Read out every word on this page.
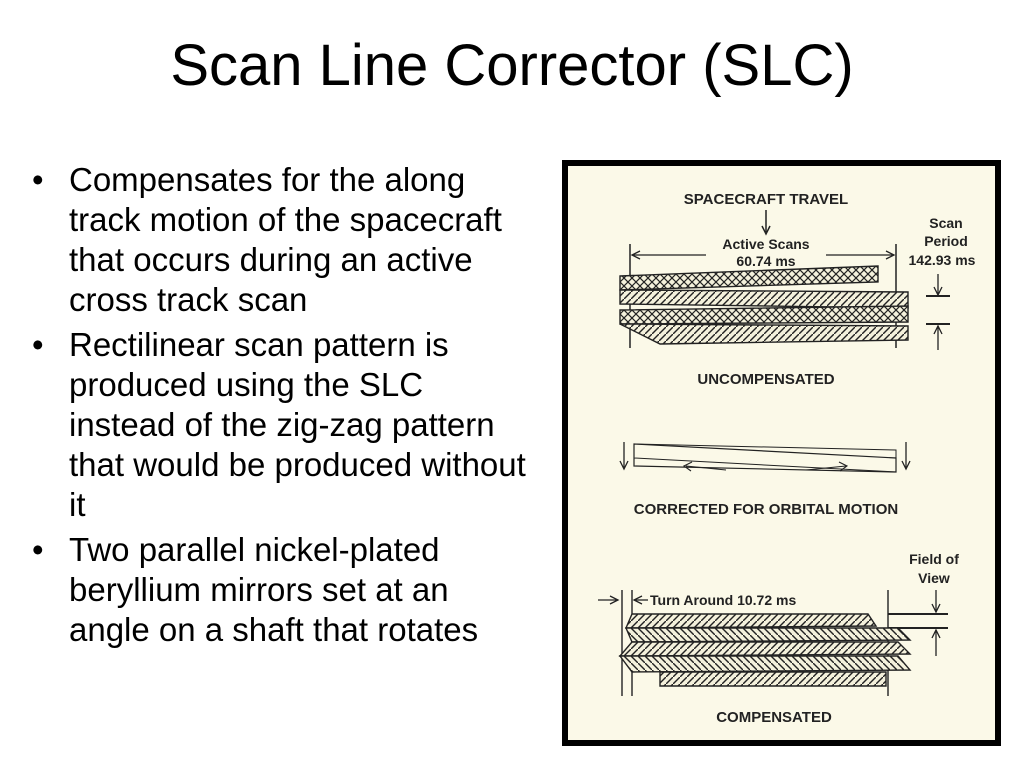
Scan Line Corrector (SLC)
• Compensates for the along track motion of the spacecraft that occurs during an active cross track scan
• Rectilinear scan pattern is produced using the SLC instead of the zig-zag pattern that would be produced without it
• Two parallel nickel-plated beryllium mirrors set at an angle on a shaft that rotates
SPACECRAFT TRAVEL
Active Scans
60.74 ms
Scan
Period
142.93 ms
UNCOMPENSATED
CORRECTED FOR ORBITAL MOTION
Field of
View
Turn Around 10.72 ms
COMPENSATED
